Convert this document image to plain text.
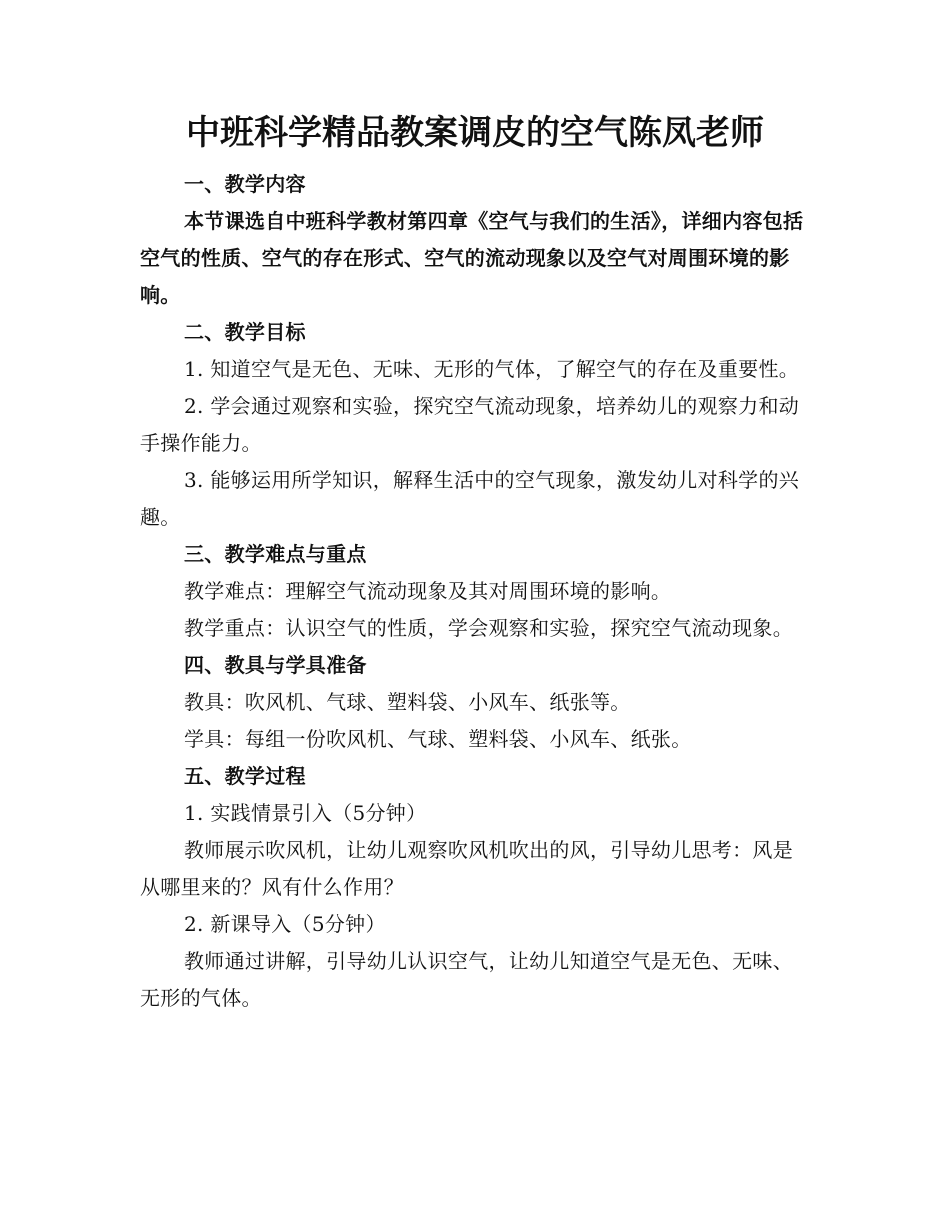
中班科学精品教案调皮的空气陈凤老师

一、教学内容

本节课选自中班科学教材第四章《空气与我们的生活》，详细内容包括空气的性质、空气的存在形式、空气的流动现象以及空气对周围环境的影响。

二、教学目标

1. 知道空气是无色、无味、无形的气体，了解空气的存在及重要性。

2. 学会通过观察和实验，探究空气流动现象，培养幼儿的观察力和动手操作能力。

3. 能够运用所学知识，解释生活中的空气现象，激发幼儿对科学的兴趣。

三、教学难点与重点

教学难点：理解空气流动现象及其对周围环境的影响。

教学重点：认识空气的性质，学会观察和实验，探究空气流动现象。

四、教具与学具准备

教具：吹风机、气球、塑料袋、小风车、纸张等。

学具：每组一份吹风机、气球、塑料袋、小风车、纸张。

五、教学过程

1. 实践情景引入（5分钟）

教师展示吹风机，让幼儿观察吹风机吹出的风，引导幼儿思考：风是从哪里来的？风有什么作用？

2. 新课导入（5分钟）

教师通过讲解，引导幼儿认识空气，让幼儿知道空气是无色、无味、无形的气体。
